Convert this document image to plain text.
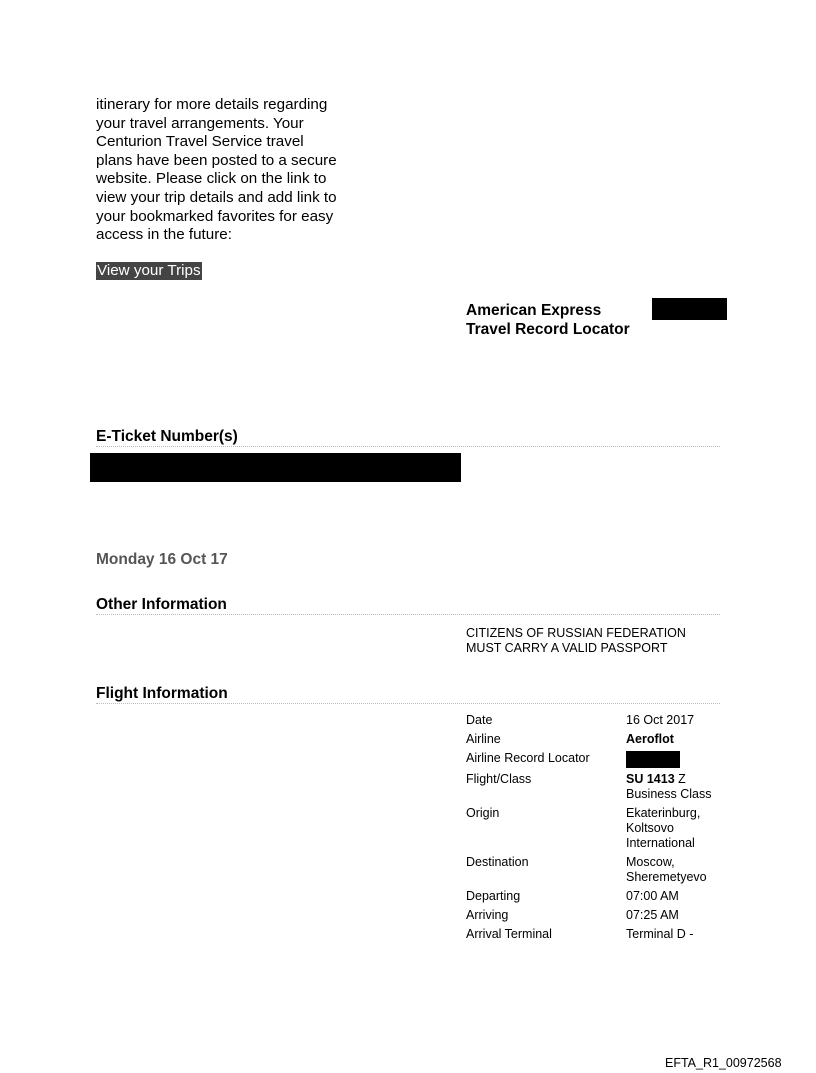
itinerary for more details regarding

your travel arrangements. Your

Centurion Travel Service travel

plans have been posted to a secure

website. Please click on the link to

view your trip details and add link to

your bookmarked favorites for easy

access in the future:

View your Trips
American Express
Travel Record Locator
E-Ticket Number(s)
Monday 16 Oct 17
Other Information

CITIZENS OF RUSSIAN FEDERATION

MUST CARRY A VALID PASSPORT

Flight Information
Date	16 Oct 2017
Airline	Aeroflot
Airline Record Locator	

Flight/Class	SU 1413 Z
Business Class
Origin	Ekaterinburg,
Koltsovo
International

Destination	Moscow,
Sheremetyevo

Departing	07:00 AM
Arriving	07:25 AM
Arrival Terminal	Terminal D -
EFTA_R1_00972568
